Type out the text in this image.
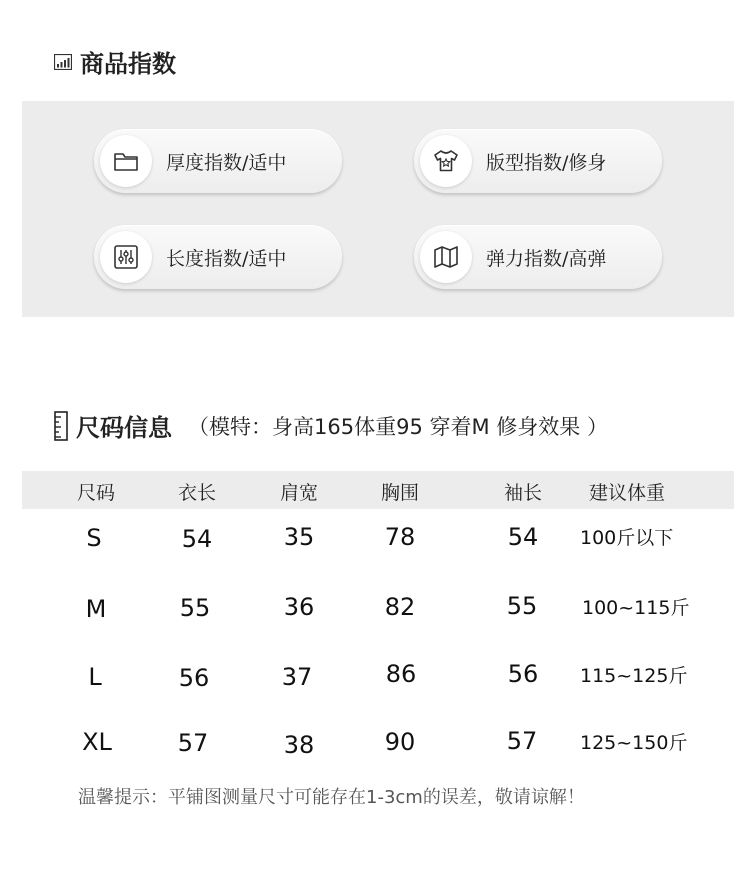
商品指数
厚度指数/适中	版型指数/修身
长度指数/适中	弹力指数/高弹
尺码信息 （模特：身高165体重95 穿着M 修身效果 ）
尺码	衣长	肩宽	胸围	袖长 建议体重
S	54	35	78	54 100斤以下
M	55	36	82	55 100~115斤
L	56	37	86	56 115~125斤
XL	57	38	90	57 125~150斤
温馨提示：平铺图测量尺寸可能存在1-3cm的误差，敬请谅解！
